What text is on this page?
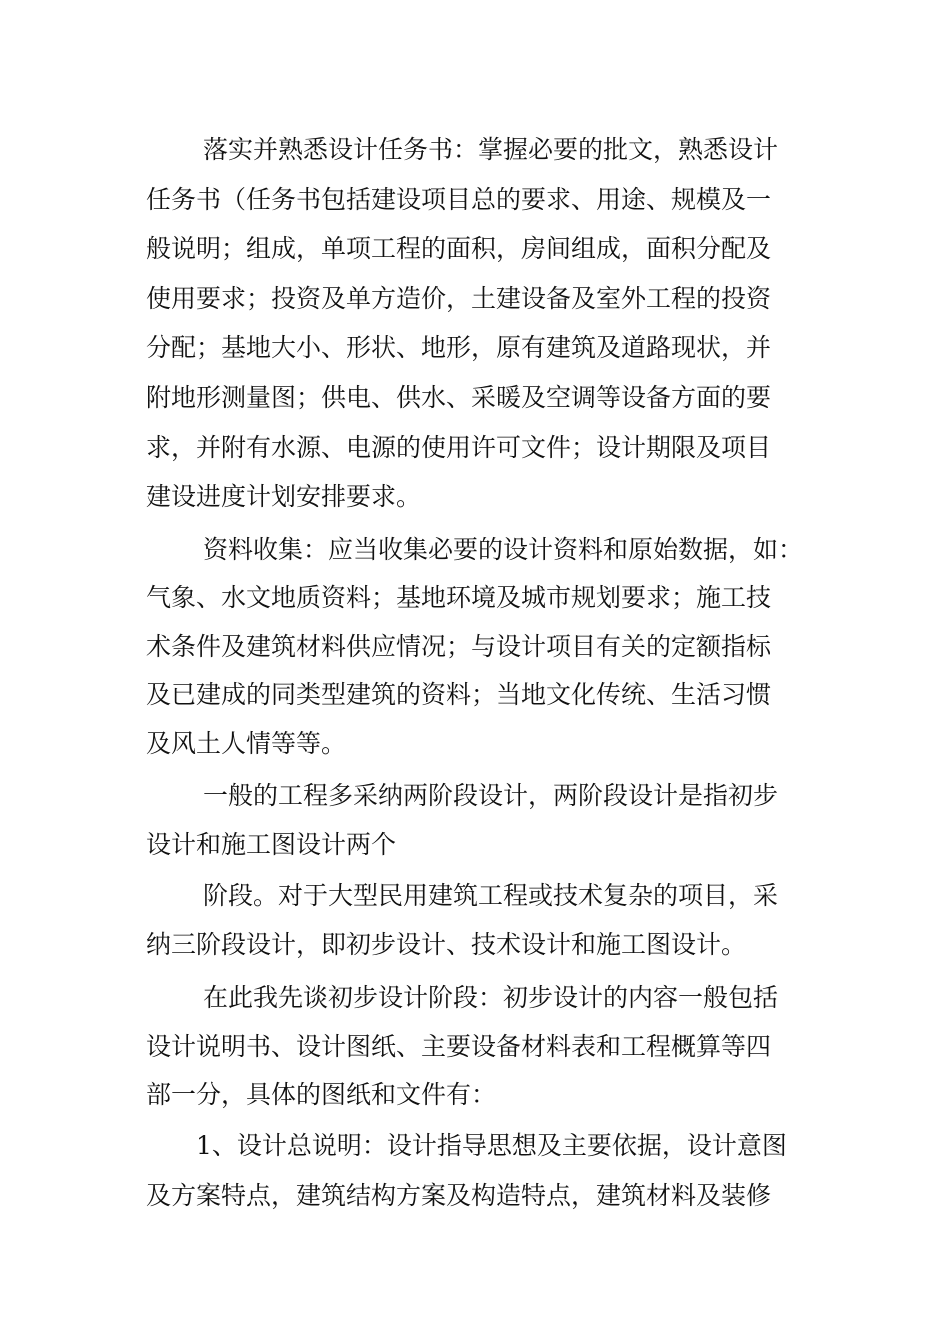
落实并熟悉设计任务书：掌握必要的批文，熟悉设计
任务书（任务书包括建设项目总的要求、用途、规模及一
般说明；组成，单项工程的面积，房间组成，面积分配及
使用要求；投资及单方造价，土建设备及室外工程的投资
分配；基地大小、形状、地形，原有建筑及道路现状，并
附地形测量图；供电、供水、采暖及空调等设备方面的要
求，并附有水源、电源的使用许可文件；设计期限及项目
建设进度计划安排要求。
资料收集：应当收集必要的设计资料和原始数据，如：
气象、水文地质资料；基地环境及城市规划要求；施工技
术条件及建筑材料供应情况；与设计项目有关的定额指标
及已建成的同类型建筑的资料；当地文化传统、生活习惯
及风土人情等等。
一般的工程多采纳两阶段设计，两阶段设计是指初步
设计和施工图设计两个
阶段。对于大型民用建筑工程或技术复杂的项目，采
纳三阶段设计，即初步设计、技术设计和施工图设计。
在此我先谈初步设计阶段：初步设计的内容一般包括
设计说明书、设计图纸、主要设备材料表和工程概算等四
部一分，具体的图纸和文件有：
1、设计总说明：设计指导思想及主要依据，设计意图
及方案特点，建筑结构方案及构造特点，建筑材料及装修
